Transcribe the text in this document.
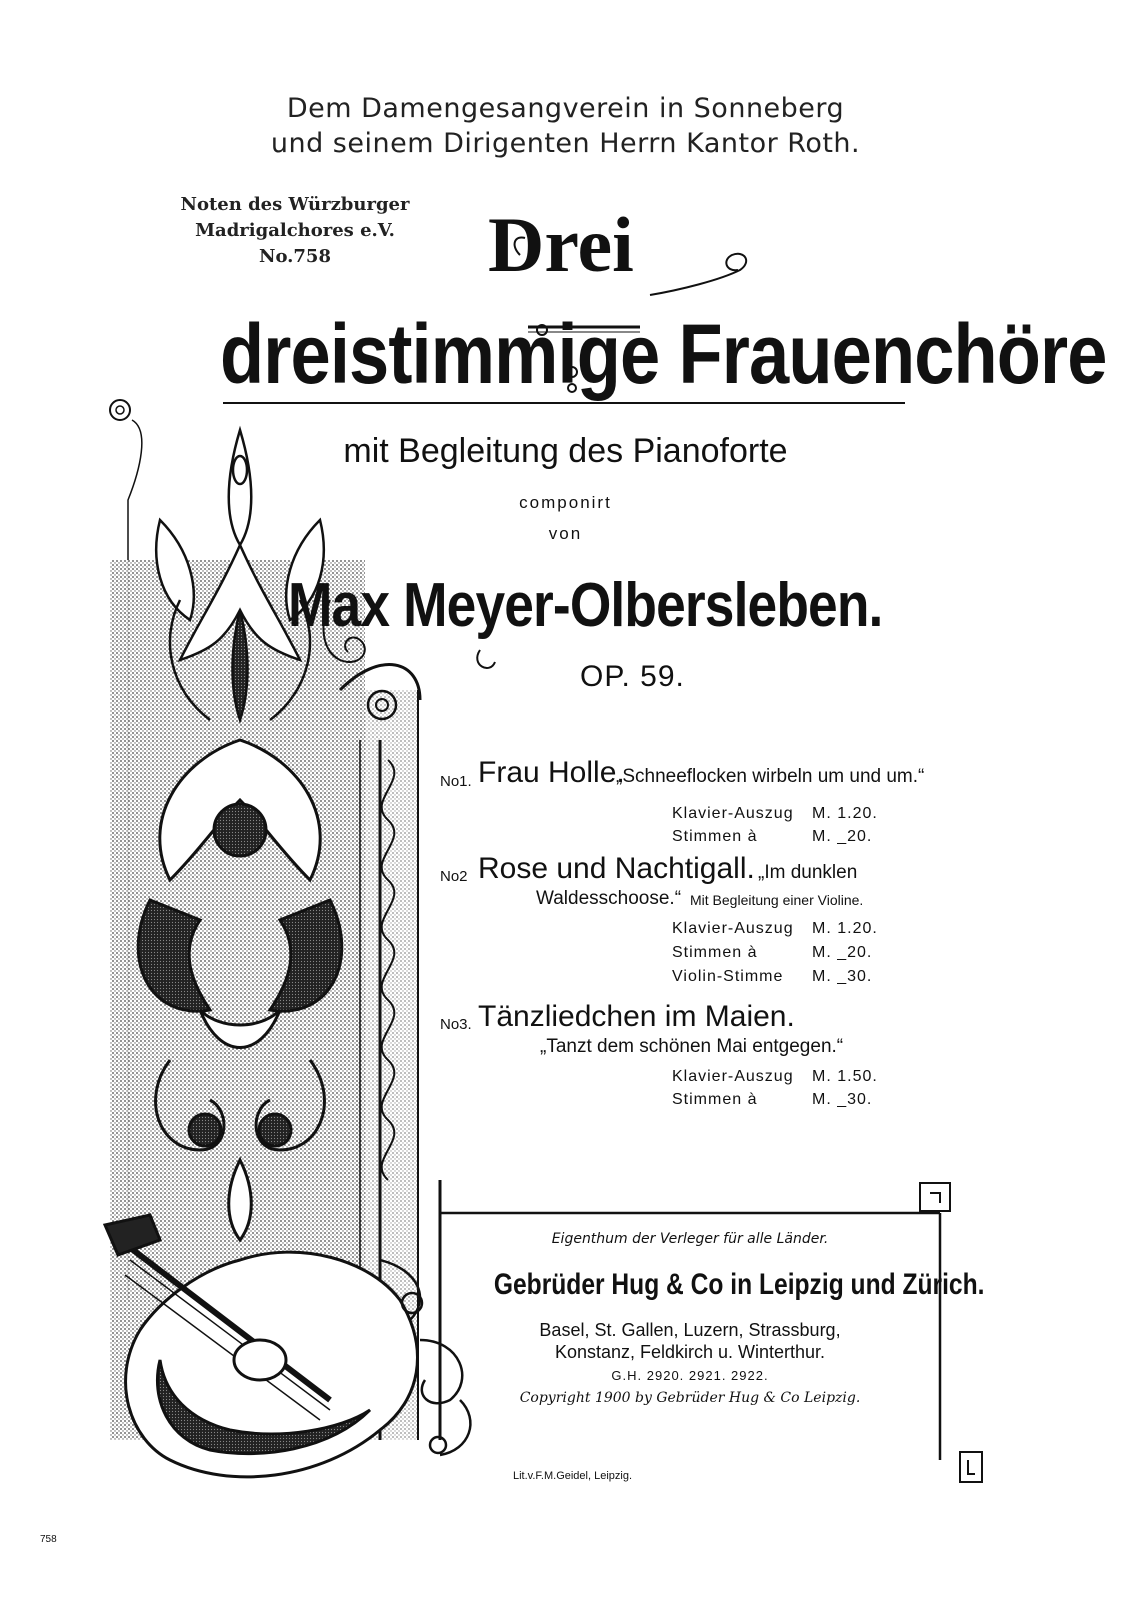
Dem Damengesangverein in Sonneberg
und seinem Dirigenten Herrn Kantor Roth.
Noten des Würzburger
Madrigalchores e.V.
No.758	Drei
dreistimmige Frauenchöre
mit Begleitung des Pianoforte
componirt
von
Max Meyer-Olbersleben.
OP. 59.
No1. Frau Holle.
„Schneeflocken wirbeln um und um.“
Klavier-Auszug M. 1.20.
Stimmen à	M. _20.
No2 Rose und Nachtigall. „Im dunklen
Waldesschoose.“ Mit Begleitung einer Violine.
Klavier-Auszug M. 1.20.
Stimmen à	M. _20.
Violin-Stimme M. _30.
No3. Tänzliedchen im Maien.
„Tanzt dem schönen Mai entgegen.“
Klavier-Auszug M. 1.50.
Stimmen à	M. _30.
Eigenthum der Verleger für alle Länder.
Gebrüder Hug & Co in Leipzig und Zürich.
Basel, St. Gallen, Luzern, Strassburg,
Konstanz, Feldkirch u. Winterthur.
G.H. 2920. 2921. 2922.
Copyright 1900 by Gebrüder Hug & Co Leipzig.
Lit.v.F.M.Geidel, Leipzig.
758
